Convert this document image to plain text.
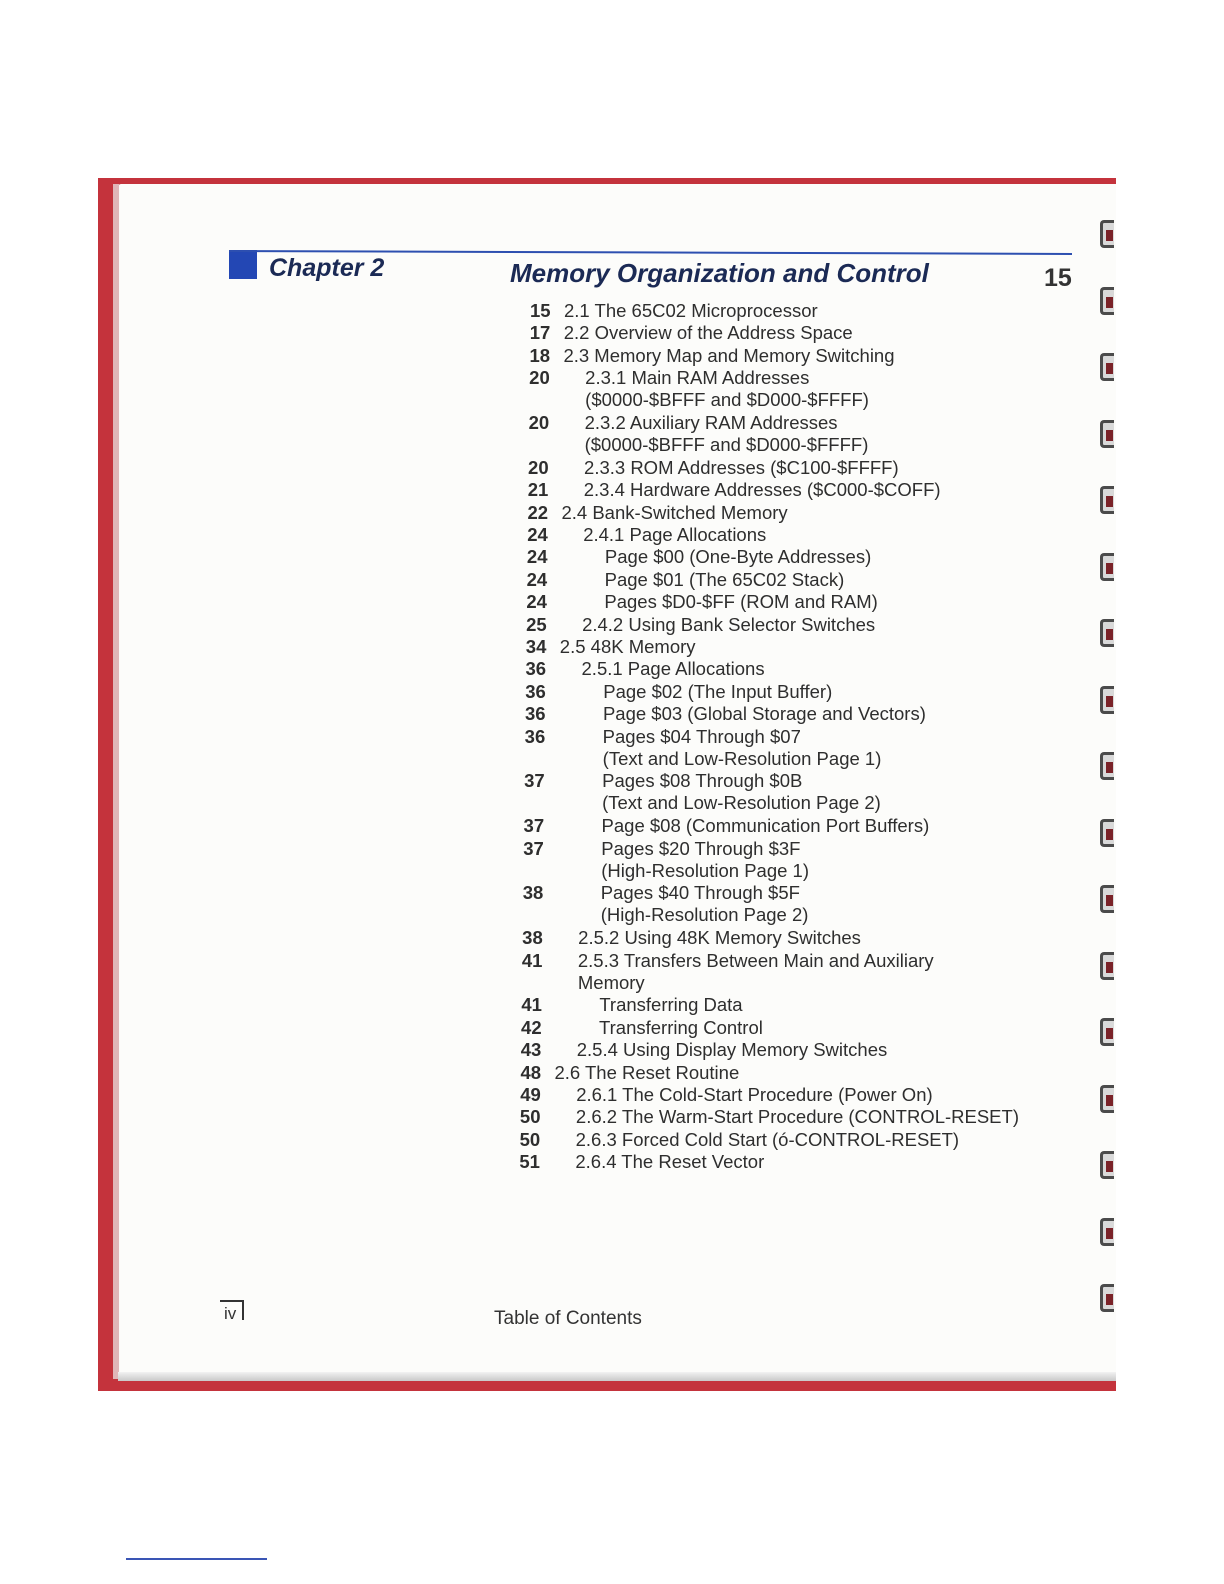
Chapter 2	Memory Organization and Control	15
15 2.1 The 65C02 Microprocessor
17 2.2 Overview of the Address Space
18 2.3 Memory Map and Memory Switching
20 2.3.1 Main RAM Addresses
($0000-$BFFF and $D000-$FFFF)
20 2.3.2 Auxiliary RAM Addresses
($0000-$BFFF and $D000-$FFFF)
20 2.3.3 ROM Addresses ($C100-$FFFF)
21 2.3.4 Hardware Addresses ($C000-$COFF)
22 2.4 Bank-Switched Memory
24 2.4.1 Page Allocations
24	Page $00 (One-Byte Addresses)
24	Page $01 (The 65C02 Stack)
24	Pages $D0-$FF (ROM and RAM)
25 2.4.2 Using Bank Selector Switches
34 2.5 48K Memory
36 2.5.1 Page Allocations
36	Page $02 (The Input Buffer)
36	Page $03 (Global Storage and Vectors)
36	Pages $04 Through $07
(Text and Low-Resolution Page 1)
37	Pages $08 Through $0B
(Text and Low-Resolution Page 2)
37	Page $08 (Communication Port Buffers)
37	Pages $20 Through $3F
(High-Resolution Page 1)
38	Pages $40 Through $5F
(High-Resolution Page 2)
38 2.5.2 Using 48K Memory Switches
41 2.5.3 Transfers Between Main and Auxiliary
Memory
41	Transferring Data
42	Transferring Control
43 2.5.4 Using Display Memory Switches
48 2.6 The Reset Routine
49 2.6.1 The Cold-Start Procedure (Power On)
50 2.6.2 The Warm-Start Procedure (CONTROL-RESET)
50 2.6.3 Forced Cold Start (ó-CONTROL-RESET)
51 2.6.4 The Reset Vector
iv	Table of Contents
